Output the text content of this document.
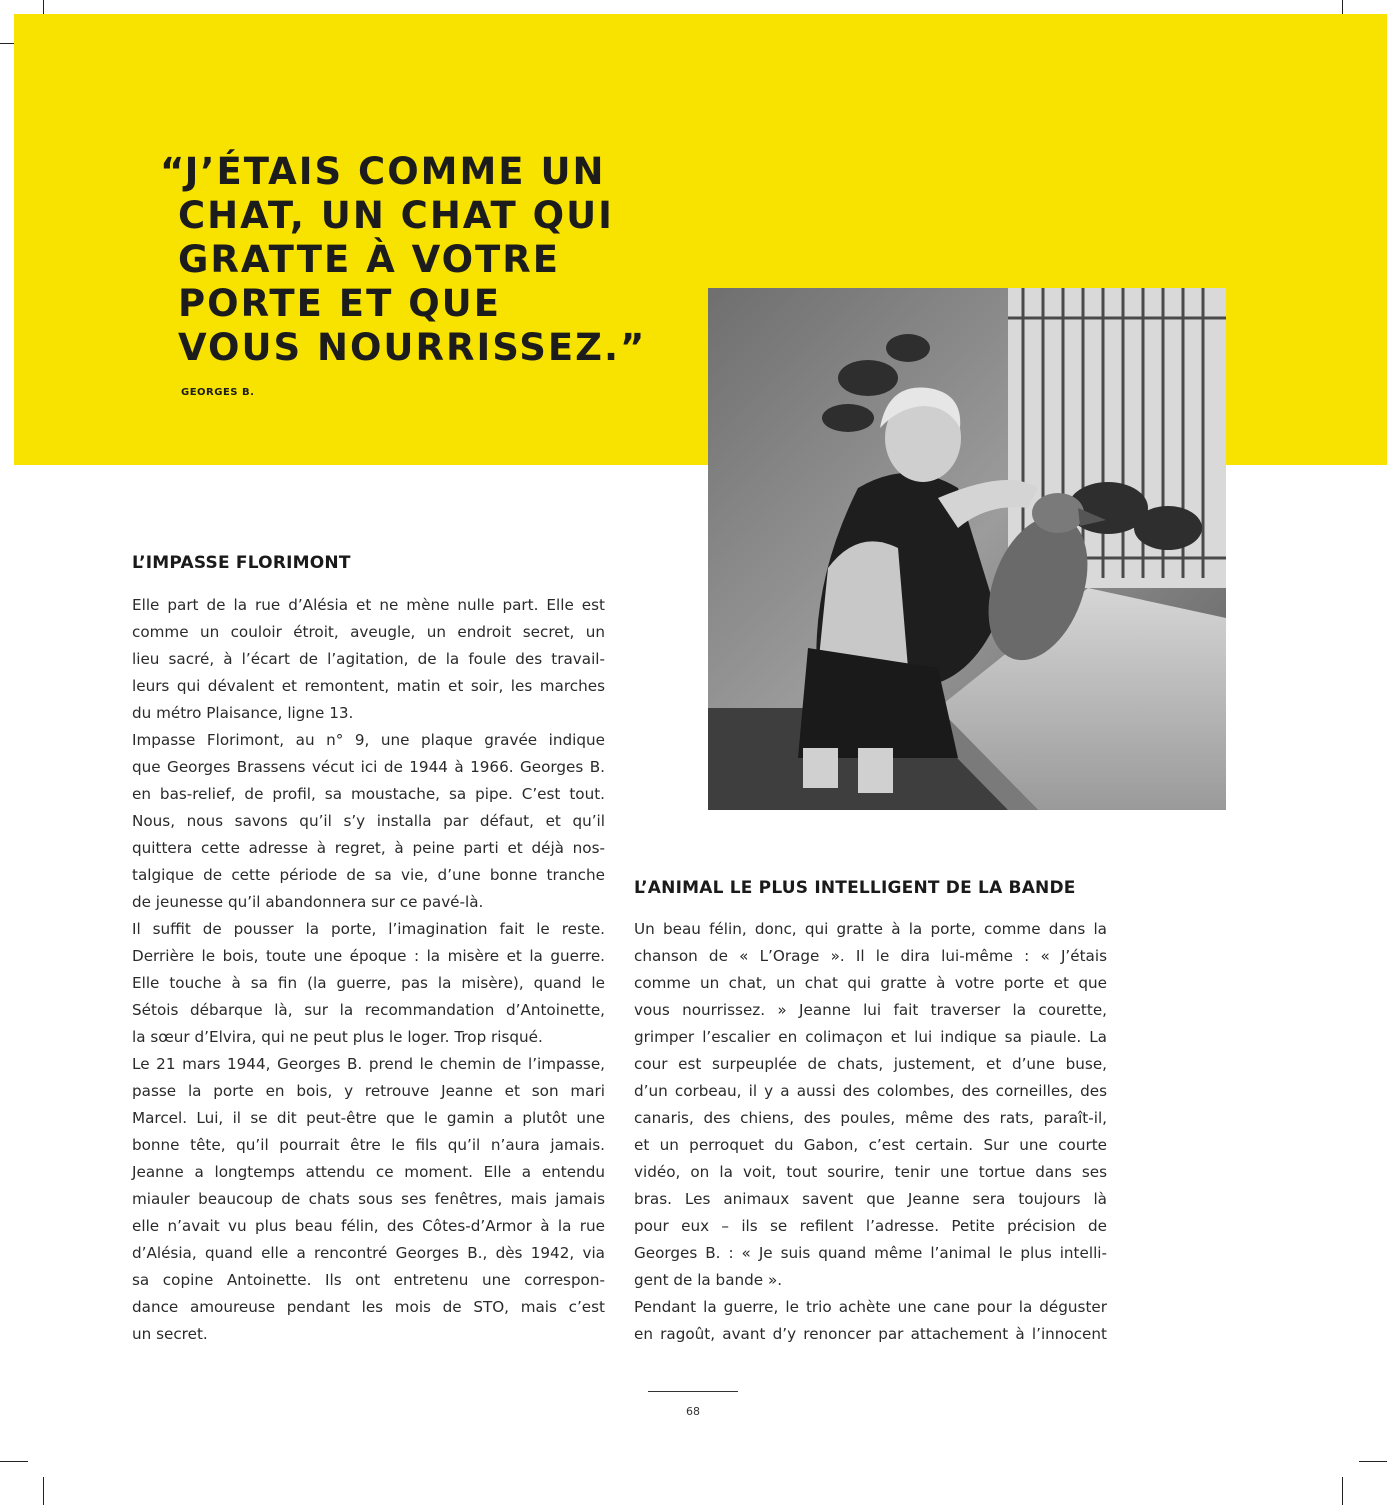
“J’ÉTAIS COMME UN
CHAT, UN CHAT QUI
GRATTE À VOTRE
PORTE ET QUE
VOUS NOURRISSEZ.”
GEORGES B.
L’IMPASSE FLORIMONT
Elle part de la rue d’Alésia et ne mène nulle part. Elle est
comme un couloir étroit, aveugle, un endroit secret, un
lieu sacré, à l’écart de l’agitation, de la foule des travail-
leurs qui dévalent et remontent, matin et soir, les marches
du métro Plaisance, ligne 13.
Impasse Florimont, au n° 9, une plaque gravée indique
que Georges Brassens vécut ici de 1944 à 1966. Georges B.
en bas-relief, de profil, sa moustache, sa pipe. C’est tout.
Nous, nous savons qu’il s’y installa par défaut, et qu’il
quittera cette adresse à regret, à peine parti et déjà nos-
talgique de cette période de sa vie, d’une bonne tranche
de jeunesse qu’il abandonnera sur ce pavé-là.
Il suffit de pousser la porte, l’imagination fait le reste.
Derrière le bois, toute une époque : la misère et la guerre.
Elle touche à sa fin (la guerre, pas la misère), quand le
Sétois débarque là, sur la recommandation d’Antoinette,
la sœur d’Elvira, qui ne peut plus le loger. Trop risqué.
Le 21 mars 1944, Georges B. prend le chemin de l’impasse,
passe la porte en bois, y retrouve Jeanne et son mari
Marcel. Lui, il se dit peut-être que le gamin a plutôt une
bonne tête, qu’il pourrait être le fils qu’il n’aura jamais.
Jeanne a longtemps attendu ce moment. Elle a entendu
miauler beaucoup de chats sous ses fenêtres, mais jamais
elle n’avait vu plus beau félin, des Côtes-d’Armor à la rue
d’Alésia, quand elle a rencontré Georges B., dès 1942, via
sa copine Antoinette. Ils ont entretenu une correspon-
dance amoureuse pendant les mois de STO, mais c’est
un secret.
L’ANIMAL LE PLUS INTELLIGENT DE LA BANDE
Un beau félin, donc, qui gratte à la porte, comme dans la
chanson de « L’Orage ». Il le dira lui-même : « J’étais
comme un chat, un chat qui gratte à votre porte et que
vous nourrissez. » Jeanne lui fait traverser la courette,
grimper l’escalier en colimaçon et lui indique sa piaule. La
cour est surpeuplée de chats, justement, et d’une buse,
d’un corbeau, il y a aussi des colombes, des corneilles, des
canaris, des chiens, des poules, même des rats, paraît-il,
et un perroquet du Gabon, c’est certain. Sur une courte
vidéo, on la voit, tout sourire, tenir une tortue dans ses
bras. Les animaux savent que Jeanne sera toujours là
pour eux – ils se refilent l’adresse. Petite précision de
Georges B. : « Je suis quand même l’animal le plus intelli-
gent de la bande ».
Pendant la guerre, le trio achète une cane pour la déguster
en ragoût, avant d’y renoncer par attachement à l’innocent
68
